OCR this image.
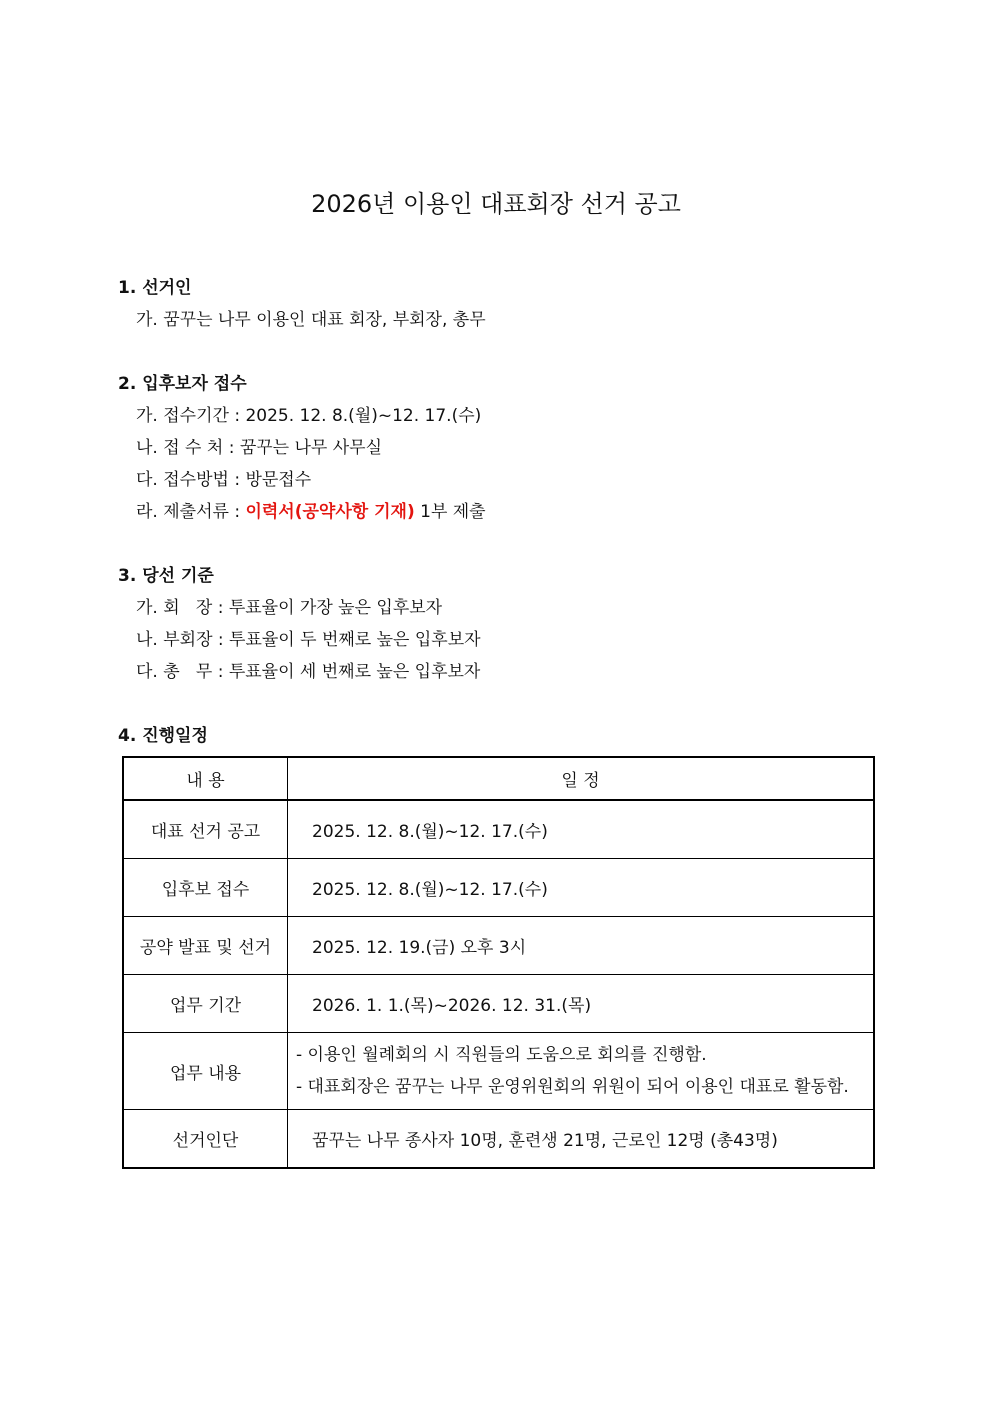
2026년 이용인 대표회장 선거 공고
1. 선거인
가. 꿈꾸는 나무 이용인 대표 회장, 부회장, 총무
2. 입후보자 접수
가. 접수기간 : 2025. 12. 8.(월)~12. 17.(수)
나. 접 수 처 : 꿈꾸는 나무 사무실
다. 접수방법 : 방문접수
라. 제출서류 : 이력서(공약사항 기재) 1부 제출
3. 당선 기준
가. 회   장 : 투표율이 가장 높은 입후보자
나. 부회장 : 투표율이 두 번째로 높은 입후보자
다. 총   무 : 투표율이 세 번째로 높은 입후보자
4. 진행일정
내 용	일 정
대표 선거 공고	2025. 12. 8.(월)~12. 17.(수)
입후보 접수	2025. 12. 8.(월)~12. 17.(수)
공약 발표 및 선거	2025. 12. 19.(금) 오후 3시
업무 기간	2026. 1. 1.(목)~2026. 12. 31.(목)
업무 내용	- 이용인 월례회의 시 직원들의 도움으로 회의를 진행함.
- 대표회장은 꿈꾸는 나무 운영위원회의 위원이 되어 이용인 대표로 활동함.

선거인단	꿈꾸는 나무 종사자 10명, 훈련생 21명, 근로인 12명 (총43명)
